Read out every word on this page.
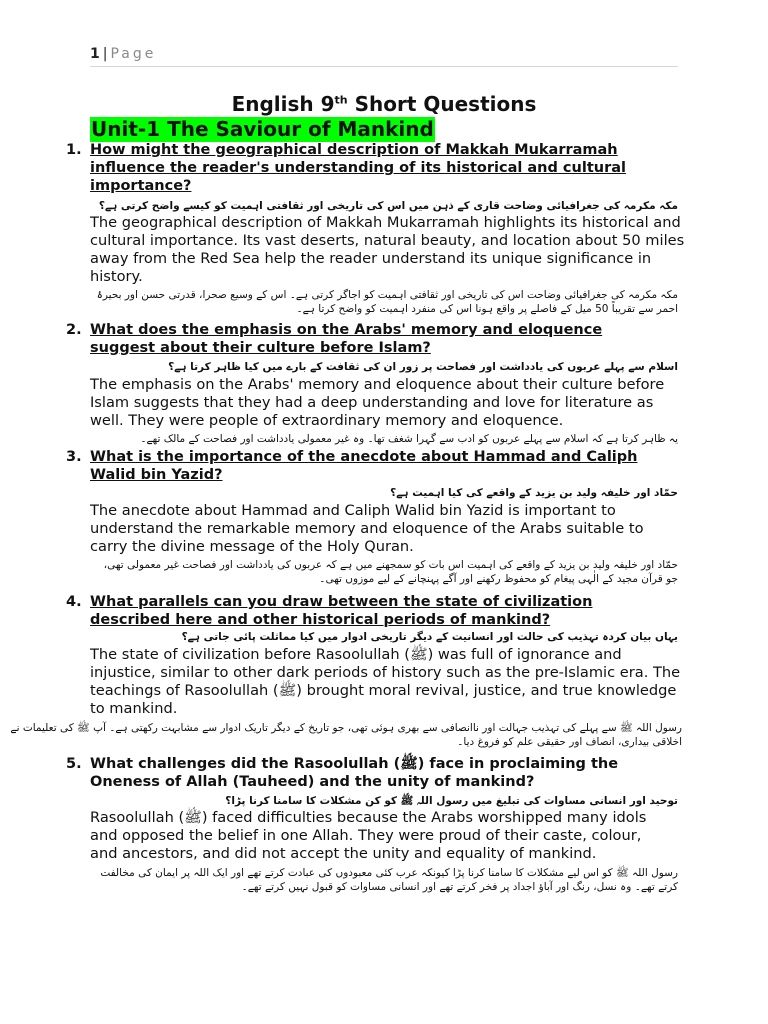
1 | Page
English 9th Short Questions
Unit-1 The Saviour of Mankind
1. How might the geographical description of Makkah Mukarramah influence the reader's understanding of its historical and cultural importance?
مکہ مکرمہ کی جغرافیائی وضاحت قاری کے ذہن میں اس کی تاریخی اور ثقافتی اہمیت کو کیسے واضح کرتی ہے؟
The geographical description of Makkah Mukarramah highlights its historical and cultural importance. Its vast deserts, natural beauty, and location about 50 miles away from the Red Sea help the reader understand its unique significance in history.
مکہ مکرمہ کی جغرافیائی وضاحت اس کی تاریخی اور ثقافتی اہمیت کو اجاگر کرتی ہے۔ اس کے وسیع صحرا، قدرتی حسن اور بحیرۂ احمر سے تقریباً 50 میل کے فاصلے پر واقع ہونا اس کی منفرد اہمیت کو واضح کرتا ہے۔
2. What does the emphasis on the Arabs' memory and eloquence suggest about their culture before Islam?
اسلام سے پہلے عربوں کی یادداشت اور فصاحت پر زور ان کی ثقافت کے بارے میں کیا ظاہر کرتا ہے؟
The emphasis on the Arabs' memory and eloquence about their culture before Islam suggests that they had a deep understanding and love for literature as well. They were people of extraordinary memory and eloquence.
یہ ظاہر کرتا ہے کہ اسلام سے پہلے عربوں کو ادب سے گہرا شغف تھا۔ وہ غیر معمولی یادداشت اور فصاحت کے مالک تھے۔
3. What is the importance of the anecdote about Hammad and Caliph Walid bin Yazid?
حمّاد اور خلیفہ ولید بن یزید کے واقعے کی کیا اہمیت ہے؟
The anecdote about Hammad and Caliph Walid bin Yazid is important to understand the remarkable memory and eloquence of the Arabs suitable to carry the divine message of the Holy Quran.
حمّاد اور خلیفہ ولید بن یزید کے واقعے کی اہمیت اس بات کو سمجھنے میں ہے کہ عربوں کی یادداشت اور فصاحت غیر معمولی تھی، جو قرآن مجید کے الٰہی پیغام کو محفوظ رکھنے اور آگے پہنچانے کے لیے موزوں تھی۔
4. What parallels can you draw between the state of civilization described here and other historical periods of mankind?
یہاں بیان کردہ تہذیب کی حالت اور انسانیت کے دیگر تاریخی ادوار میں کیا مماثلت پائی جاتی ہے؟
The state of civilization before Rasoolullah (ﷺ) was full of ignorance and injustice, similar to other dark periods of history such as the pre-Islamic era. The teachings of Rasoolullah (ﷺ) brought moral revival, justice, and true knowledge to mankind.
رسول اللہ ﷺ سے پہلے کی تہذیب جہالت اور ناانصافی سے بھری ہوئی تھی، جو تاریخ کے دیگر تاریک ادوار سے مشابہت رکھتی ہے۔ آپ ﷺ کی تعلیمات نے اخلاقی بیداری، انصاف اور حقیقی علم کو فروغ دیا۔
5. What challenges did the Rasoolullah (ﷺ) face in proclaiming the Oneness of Allah (Tauheed) and the unity of mankind?
توحید اور انسانی مساوات کی تبلیغ میں رسول اللہ ﷺ کو کن مشکلات کا سامنا کرنا پڑا؟
Rasoolullah (ﷺ) faced difficulties because the Arabs worshipped many idols and opposed the belief in one Allah. They were proud of their caste, colour, and ancestors, and did not accept the unity and equality of mankind.
رسول اللہ ﷺ کو اس لیے مشکلات کا سامنا کرنا پڑا کیونکہ عرب کئی معبودوں کی عبادت کرتے تھے اور ایک اللہ پر ایمان کی مخالفت کرتے تھے۔ وہ نسل، رنگ اور آباؤ اجداد پر فخر کرتے تھے اور انسانی مساوات کو قبول نہیں کرتے تھے۔
